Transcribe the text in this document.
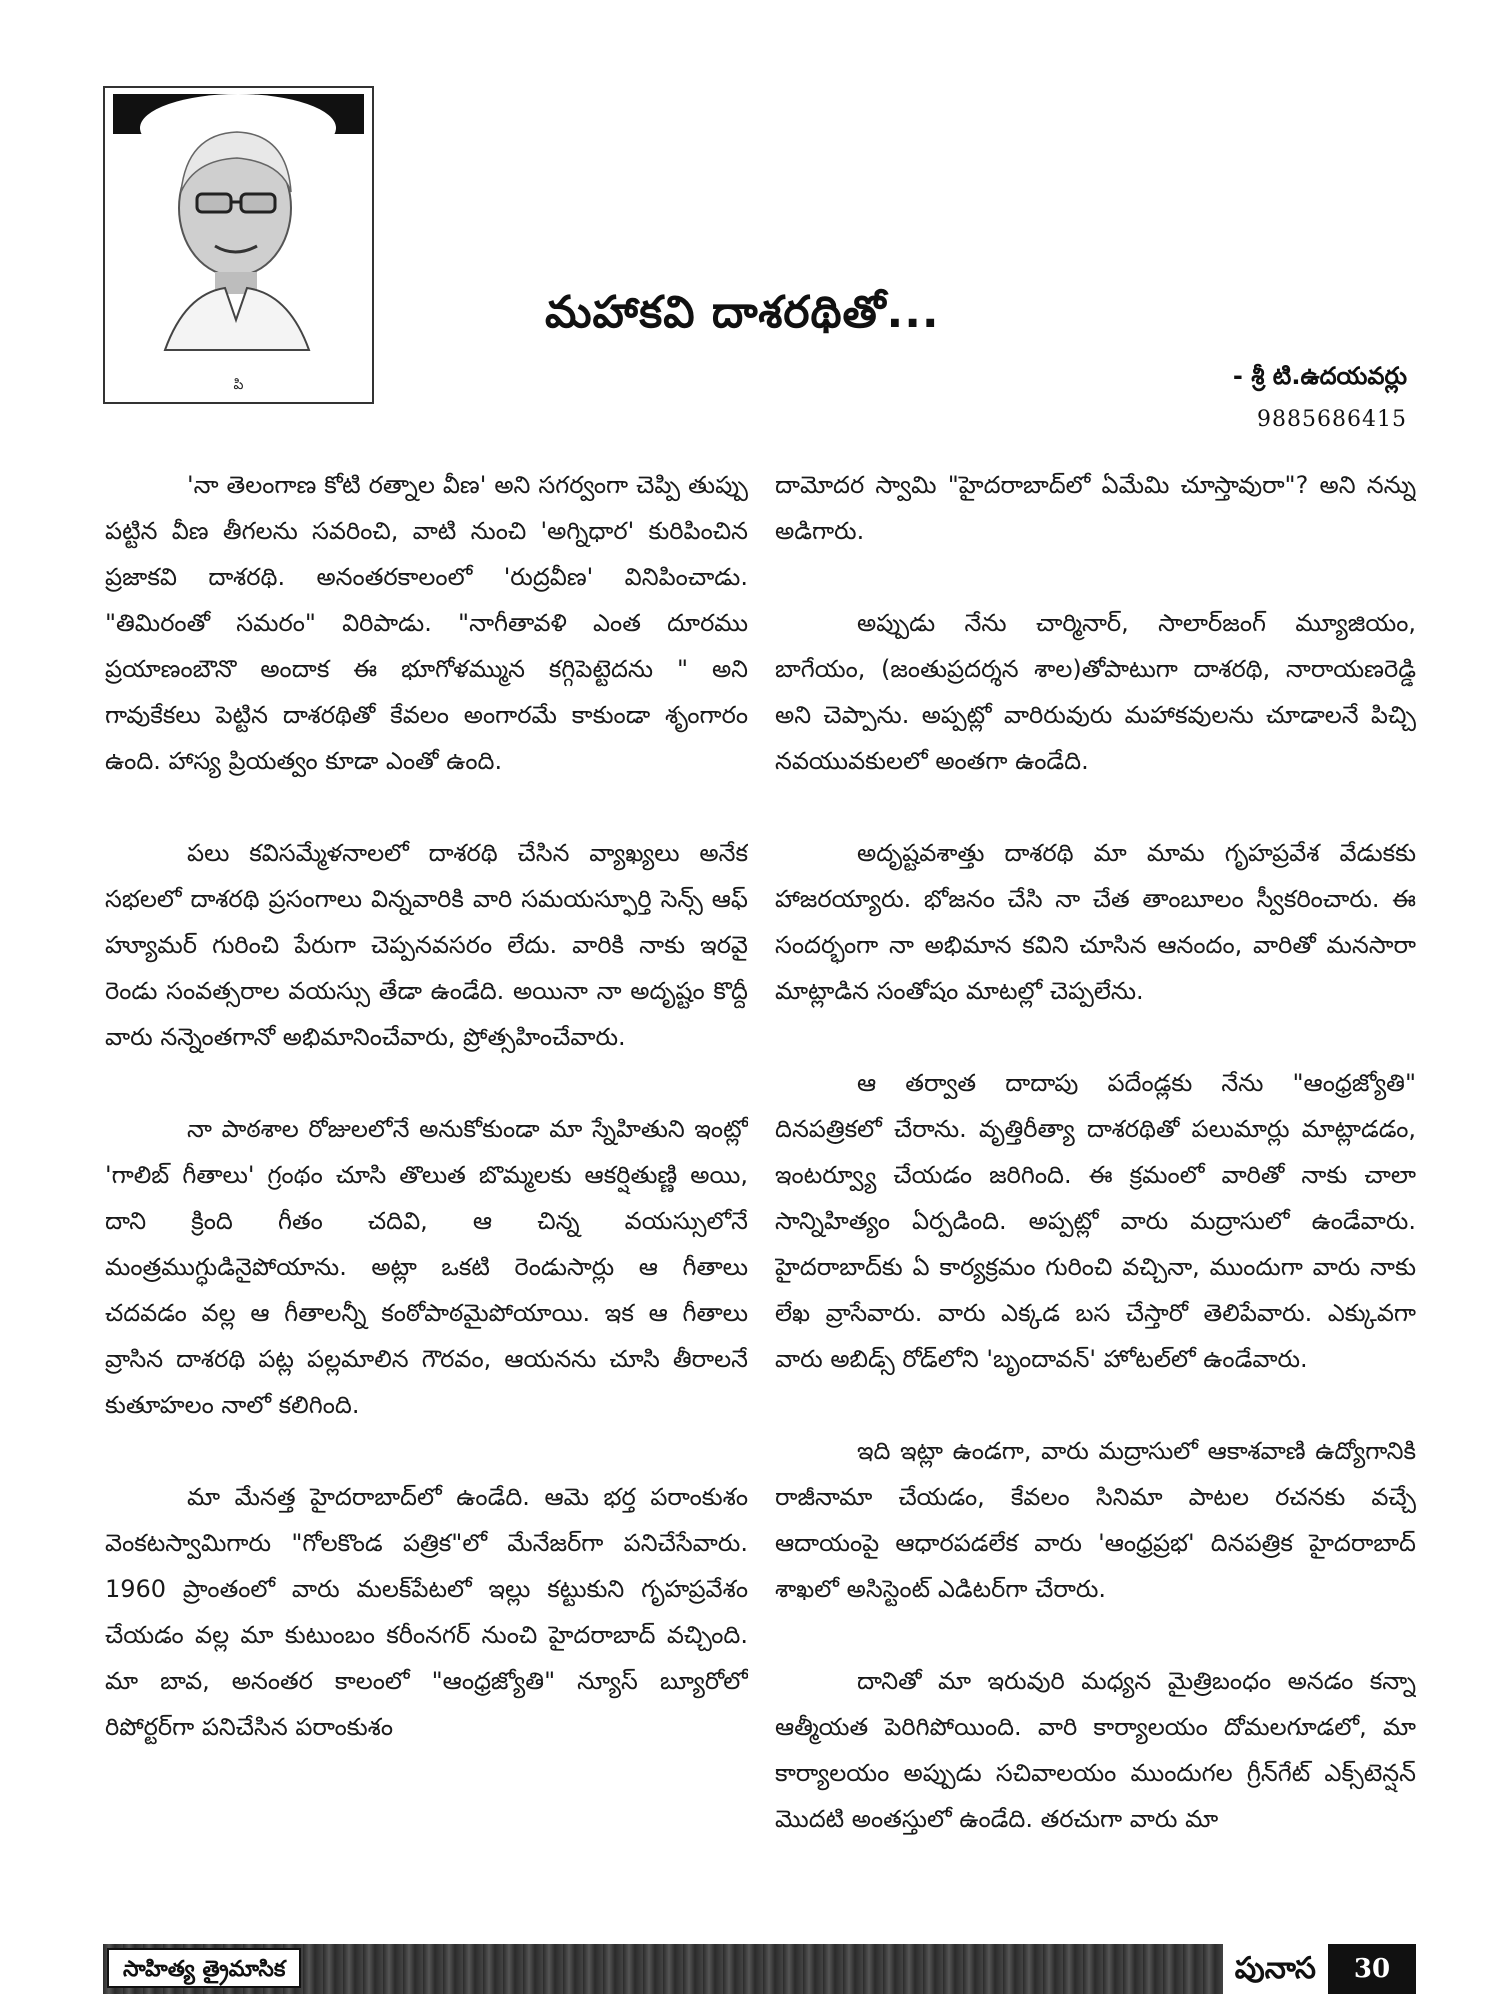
పి
మహాకవి దాశరథితో...
- శ్రీ టి.ఉదయవర్లు
9885686415

'నా తెలంగాణ కోటి రత్నాల వీణ' అని సగర్వంగా చెప్పి తుప్పు పట్టిన వీణ తీగలను సవరించి, వాటి నుంచి 'అగ్నిధార' కురిపించిన ప్రజాకవి దాశరథి. అనంతరకాలంలో 'రుద్రవీణ' వినిపించాడు. "తిమిరంతో సమరం" విరిపాడు. "నాగీతావళి ఎంత దూరము ప్రయాణంబౌనొ అందాక ఈ భూగోళమ్మున కగ్గిపెట్టెదను " అని గావుకేకలు పెట్టిన దాశరథితో కేవలం అంగారమే కాకుండా శృంగారం ఉంది. హాస్య ప్రియత్వం కూడా ఎంతో ఉంది.

పలు కవిసమ్మేళనాలలో దాశరథి చేసిన వ్యాఖ్యలు అనేక సభలలో దాశరథి ప్రసంగాలు విన్నవారికి వారి సమయస్ఫూర్తి సెన్స్ ఆఫ్ హ్యూమర్ గురించి పేరుగా చెప్పనవసరం లేదు. వారికి నాకు ఇరవై రెండు సంవత్సరాల వయస్సు తేడా ఉండేది. అయినా నా అదృష్టం కొద్దీ వారు నన్నెంతగానో అభిమానించేవారు, ప్రోత్సహించేవారు.

నా పాఠశాల రోజులలోనే అనుకోకుండా మా స్నేహితుని ఇంట్లో 'గాలిబ్ గీతాలు' గ్రంథం చూసి తొలుత బొమ్మలకు ఆకర్షితుణ్ణి అయి, దాని క్రింది గీతం చదివి, ఆ చిన్న వయస్సులోనే మంత్రముగ్ధుడినైపోయాను. అట్లా ఒకటి రెండుసార్లు ఆ గీతాలు చదవడం వల్ల ఆ గీతాలన్నీ కంఠోపాఠమైపోయాయి. ఇక ఆ గీతాలు వ్రాసిన దాశరథి పట్ల పల్లమాలిన గౌరవం, ఆయనను చూసి తీరాలనే కుతూహలం నాలో కలిగింది.

మా మేనత్త హైదరాబాద్‌లో ఉండేది. ఆమె భర్త పరాంకుశం వెంకటస్వామిగారు "గోలకొండ పత్రిక"లో మేనేజర్‌గా పనిచేసేవారు. 1960 ప్రాంతంలో వారు మలక్‌పేటలో ఇల్లు కట్టుకుని గృహప్రవేశం చేయడం వల్ల మా కుటుంబం కరీంనగర్ నుంచి హైదరాబాద్ వచ్చింది. మా బావ, అనంతర కాలంలో "ఆంధ్రజ్యోతి" న్యూస్ బ్యూరోలో రిపోర్టర్‌గా పనిచేసిన పరాంకుశం

దామోదర స్వామి "హైదరాబాద్‌లో ఏమేమి చూస్తావురా"? అని నన్ను అడిగారు.

అప్పుడు నేను చార్మినార్, సాలార్‌జంగ్ మ్యూజియం, బాగేయం, (జంతుప్రదర్శన శాల)తోపాటుగా దాశరథి, నారాయణరెడ్డి అని చెప్పాను. అప్పట్లో వారిరువురు మహాకవులను చూడాలనే పిచ్చి నవయువకులలో అంతగా ఉండేది.

అదృష్టవశాత్తు దాశరథి మా మామ గృహప్రవేశ వేడుకకు హాజరయ్యారు. భోజనం చేసి నా చేత తాంబూలం స్వీకరించారు. ఈ సందర్భంగా నా అభిమాన కవిని చూసిన ఆనందం, వారితో మనసారా మాట్లాడిన సంతోషం మాటల్లో చెప్పలేను.

ఆ తర్వాత దాదాపు పదేండ్లకు నేను "ఆంధ్రజ్యోతి" దినపత్రికలో చేరాను. వృత్తిరీత్యా దాశరథితో పలుమార్లు మాట్లాడడం, ఇంటర్వ్యూ చేయడం జరిగింది. ఈ క్రమంలో వారితో నాకు చాలా సాన్నిహిత్యం ఏర్పడింది. అప్పట్లో వారు మద్రాసులో ఉండేవారు. హైదరాబాద్‌కు ఏ కార్యక్రమం గురించి వచ్చినా, ముందుగా వారు నాకు లేఖ వ్రాసేవారు. వారు ఎక్కడ బస చేస్తారో తెలిపేవారు. ఎక్కువగా వారు అబిడ్స్ రోడ్‌లోని 'బృందావన్' హోటల్‌లో ఉండేవారు.

ఇది ఇట్లా ఉండగా, వారు మద్రాసులో ఆకాశవాణి ఉద్యోగానికి రాజీనామా చేయడం, కేవలం సినిమా పాటల రచనకు వచ్చే ఆదాయంపై ఆధారపడలేక వారు 'ఆంధ్రప్రభ' దినపత్రిక హైదరాబాద్ శాఖలో అసిస్టెంట్ ఎడిటర్‌గా చేరారు.

దానితో మా ఇరువురి మధ్యన మైత్రిబంధం అనడం కన్నా ఆత్మీయత పెరిగిపోయింది. వారి కార్యాలయం దోమలగూడలో, మా కార్యాలయం అప్పుడు సచివాలయం ముందుగల గ్రీన్‌గేట్ ఎక్స్‌టెన్షన్ మొదటి అంతస్తులో ఉండేది. తరచుగా వారు మా

సాహిత్య త్రైమాసిక	పునాస	30
